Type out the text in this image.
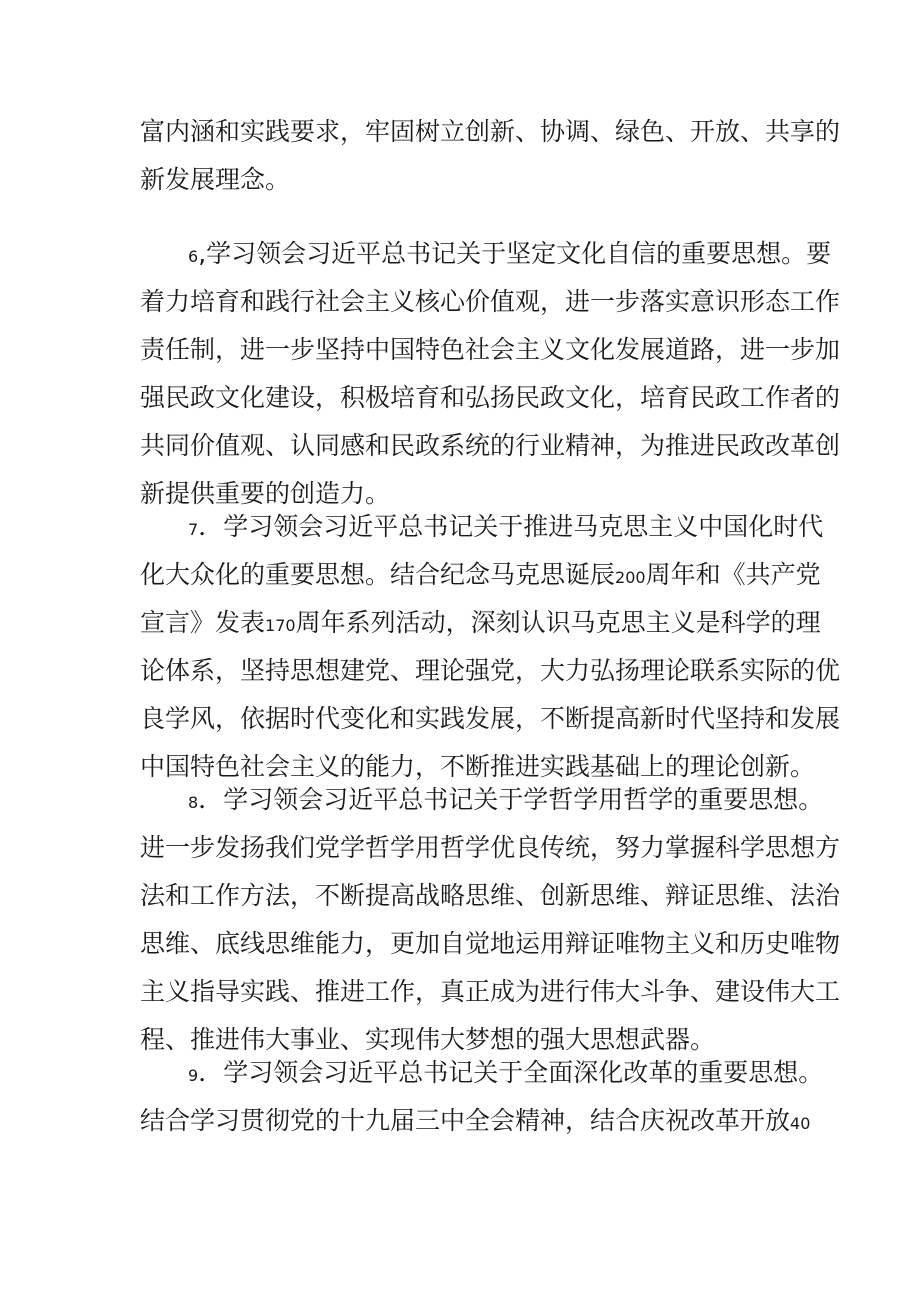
富内涵和实践要求，牢固树立创新、协调、绿色、开放、共享的
新发展理念。
6,学习领会习近平总书记关于坚定文化自信的重要思想。要
着力培育和践行社会主义核心价值观，进一步落实意识形态工作
责任制，进一步坚持中国特色社会主义文化发展道路，进一步加
强民政文化建设，积极培育和弘扬民政文化，培育民政工作者的
共同价值观、认同感和民政系统的行业精神，为推进民政改革创
新提供重要的创造力。
7．学习领会习近平总书记关于推进马克思主义中国化时代
化大众化的重要思想。结合纪念马克思诞辰200周年和《共产党
宣言》发表170周年系列活动，深刻认识马克思主义是科学的理
论体系，坚持思想建党、理论强党，大力弘扬理论联系实际的优
良学风，依据时代变化和实践发展，不断提高新时代坚持和发展
中国特色社会主义的能力，不断推进实践基础上的理论创新。
8．学习领会习近平总书记关于学哲学用哲学的重要思想。
进一步发扬我们党学哲学用哲学优良传统，努力掌握科学思想方
法和工作方法，不断提高战略思维、创新思维、辩证思维、法治
思维、底线思维能力，更加自觉地运用辩证唯物主义和历史唯物
主义指导实践、推进工作，真正成为进行伟大斗争、建设伟大工
程、推进伟大事业、实现伟大梦想的强大思想武器。
9．学习领会习近平总书记关于全面深化改革的重要思想。
结合学习贯彻党的十九届三中全会精神，结合庆祝改革开放40
